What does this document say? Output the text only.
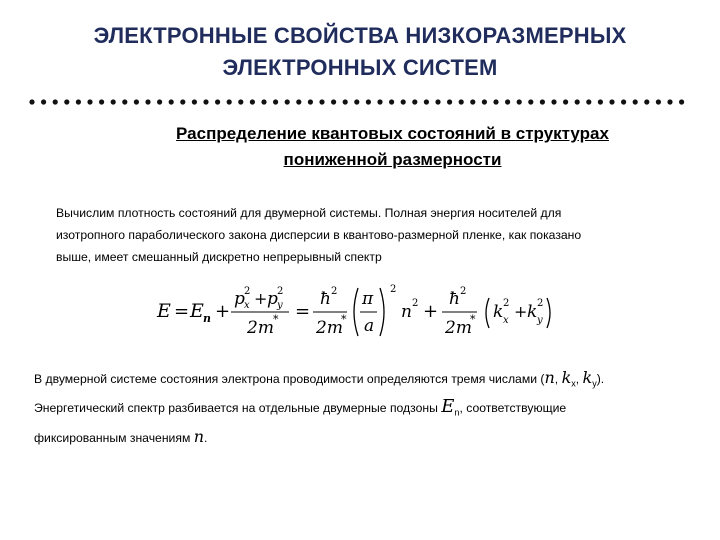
ЭЛЕКТРОННЫЕ СВОЙСТВА НИЗКОРАЗМЕРНЫХ
ЭЛЕКТРОННЫХ СИСТЕМ
Распределение квантовых состояний в структурах
пониженной размерности
Вычислим плотность состояний для двумерной системы. Полная энергия носителей для
изотропного параболического закона дисперсии в квантово-размерной пленке, как показано
выше, имеет смешанный дискретно непрерывный спектр
E = E n +
p 2
x + p 2
y
2m * =
ħ 2
2m
*
π
a
2
n 2 +
ħ 2
2m
* k 2
x + k 2
y
В двумерной системе состояния электрона проводимости определяются тремя числами (n, $k_x$, $k_y$).
Энергетический спектр разбивается на отдельные двумерные подзоны $E_n$, соответствующие
фиксированным значениям n.
